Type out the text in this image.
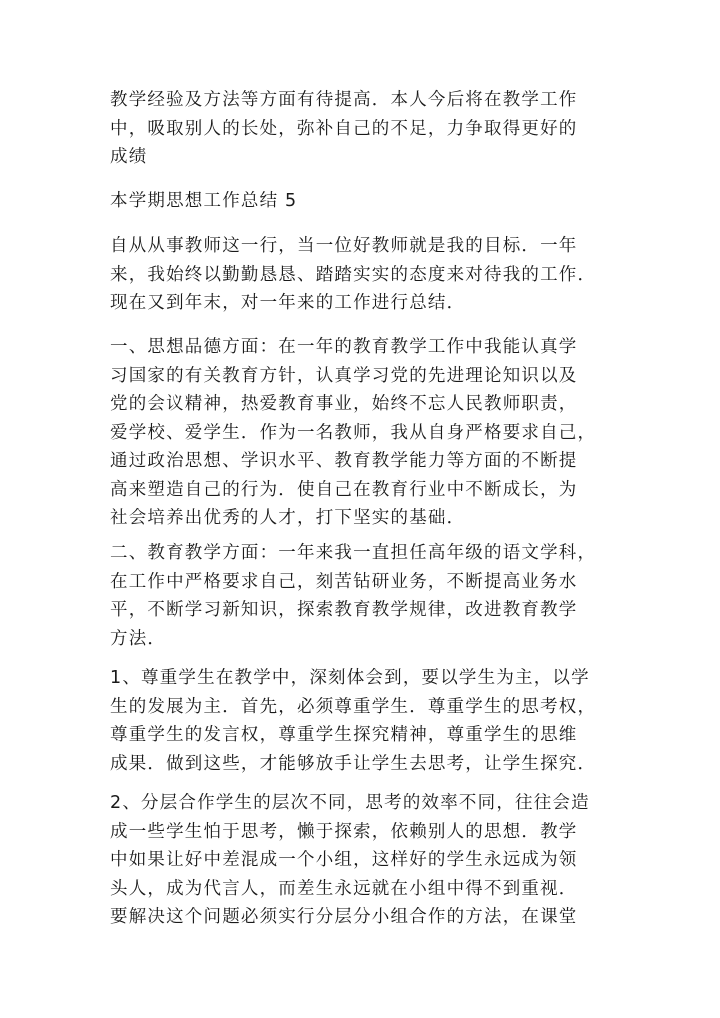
教学经验及方法等方面有待提高．本人今后将在教学工作
中，吸取别人的长处，弥补自己的不足，力争取得更好的
成绩

本学期思想工作总结 5

自从从事教师这一行，当一位好教师就是我的目标．一年
来，我始终以勤勤恳恳、踏踏实实的态度来对待我的工作．
现在又到年末，对一年来的工作进行总结．

一、思想品德方面：在一年的教育教学工作中我能认真学
习国家的有关教育方针，认真学习党的先进理论知识以及
党的会议精神，热爱教育事业，始终不忘人民教师职责，
爱学校、爱学生．作为一名教师，我从自身严格要求自己，
通过政治思想、学识水平、教育教学能力等方面的不断提
高来塑造自己的行为．使自己在教育行业中不断成长，为
社会培养出优秀的人才，打下坚实的基础．

二、教育教学方面：一年来我一直担任高年级的语文学科，
在工作中严格要求自己，刻苦钻研业务，不断提高业务水
平，不断学习新知识，探索教育教学规律，改进教育教学
方法．

1、尊重学生在教学中，深刻体会到，要以学生为主，以学
生的发展为主．首先，必须尊重学生．尊重学生的思考权，
尊重学生的发言权，尊重学生探究精神，尊重学生的思维
成果．做到这些，才能够放手让学生去思考，让学生探究．

2、分层合作学生的层次不同，思考的效率不同，往往会造
成一些学生怕于思考，懒于探索，依赖别人的思想．教学
中如果让好中差混成一个小组，这样好的学生永远成为领
头人，成为代言人，而差生永远就在小组中得不到重视．
要解决这个问题必须实行分层分小组合作的方法，在课堂
